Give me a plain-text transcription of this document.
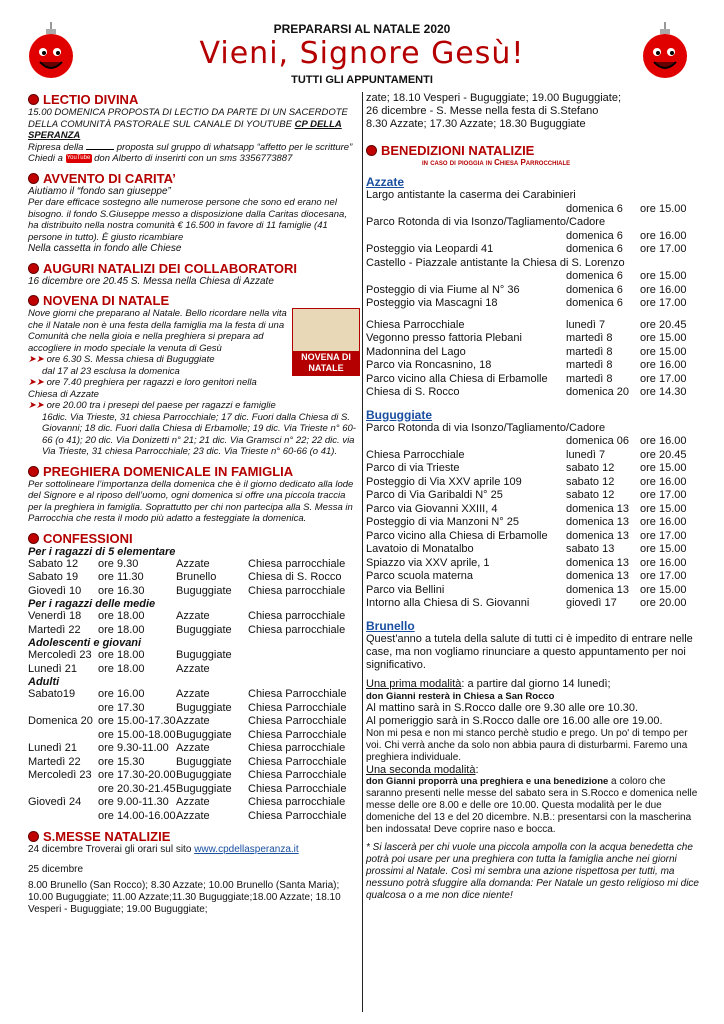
PREPARARSI AL NATALE 2020
Vieni, Signore Gesù!
TUTTI GLI APPUNTAMENTI
LECTIO DIVINA
15.00 DOMENICA PROPOSTA DI LECTIO DA PARTE DI UN SACERDOTE DELLA COMUNITÀ PASTORALE SUL CANALE DI YOUTUBE CP DELLA SPERANZA
Ripresa della	proposta sul gruppo di whatsapp “affetto per le scritture” Chiedi a YouTube don Alberto di inserirti con un sms 3356773887
AVVENTO DI CARITA’
Aiutiamo il “fondo san giuseppe”
Per dare efficace sostegno alle numerose persone che sono ed erano nel bisogno. il fondo S.Giuseppe messo a disposizione dalla Caritas diocesana, ha distribuito nella nostra comunità € 16.500 in favore di 11 famiglie (41 persone in tutto). È giusto ricambiare
Nella cassetta in fondo alle Chiese
AUGURI NATALIZI DEI COLLABORATORI
16 dicembre ore 20.45 S. Messa nella Chiesa di Azzate
NOVENA DI NATALE
NOVENA DI NATALE
Nove giorni che preparano al Natale. Bello ricordare nella vita che il Natale non è una festa della famiglia ma la festa di una Comunità che nella gioia e nella preghiera si prepara ad accogliere in modo speciale la venuta di Gesù
➤➤ ore 6.30 S. Messa chiesa di Buguggiate
dal 17 al 23 esclusa la domenica
➤➤ ore 7.40 preghiera per ragazzi e loro genitori nella Chiesa di Azzate
➤➤ ore 20.00 tra i presepi del paese per ragazzi e famiglie
16dic. Via Trieste, 31 chiesa Parrocchiale; 17 dic. Fuori dalla Chiesa di S. Giovanni; 18 dic. Fuori dalla Chiesa di Erbamolle; 19 dic. Via Trieste n° 60-66 (o 41); 20 dic. Via Donizetti n° 21; 21 dic. Via Gramsci n° 22; 22 dic. via Via Trieste, 31 chiesa Parrocchiale; 23 dic. Via Trieste n° 60-66 (o 41).
PREGHIERA DOMENICALE IN FAMIGLIA
Per sottolineare l’importanza della domenica che è il giorno dedicato alla lode del Signore e al riposo dell’uomo, ogni domenica si offre una piccola traccia per la preghiera in famiglia. Soprattutto per chi non partecipa alla S. Messa in Parrocchia che resta il modo più adatto a festeggiate la domenica.
CONFESSIONI
Per i ragazzi di 5 elementare
Sabato 12	ore 9.30	Azzate	Chiesa parrocchiale
Sabato 19	ore 11.30	Brunello	Chiesa di S. Rocco
Giovedì 10	ore 16.30	Buguggiate	Chiesa parrocchiale
Per i ragazzi delle medie
Venerdì 18	ore 18.00	Azzate	Chiesa parrocchiale
Martedì 22	ore 18.00	Buguggiate	Chiesa parrocchiale
Adolescenti e giovani
Mercoledì 23 ore 18.00	Buguggiate
Lunedì 21	ore 18.00	Azzate
Adulti
Sabato19	ore 16.00	Azzate	Chiesa Parrocchiale
ore 17.30	Buguggiate	Chiesa Parrocchiale
Domenica 20 ore 15.00-17.30 Azzate	Chiesa Parrocchiale
ore 15.00-18.00 Buguggiate	Chiesa Parrocchiale
Lunedì 21	ore 9.30-11.00 Azzate	Chiesa parrocchiale
Martedì 22	ore 15.30	Buguggiate	Chiesa Parrocchiale
Mercoledì 23 ore 17.30-20.00 Buguggiate	Chiesa Parrocchiale
ore 20.30-21.45 Buguggiate	Chiesa Parrocchiale
Giovedì 24	ore 9.00-11.30 Azzate	Chiesa parrocchiale
ore 14.00-16.00 Azzate	Chiesa Parrocchiale
S.MESSE NATALIZIE
24 dicembre Troverai gli orari sul sito www.cpdellasperanza.it
25 dicembre
8.00 Brunello (San Rocco); 8.30 Azzate; 10.00 Brunello (Santa Maria); 10.00 Buguggiate; 11.00 Azzate;11.30 Buguggiate;18.00 Azzate; 18.10 Vesperi - Buguggiate; 19.00 Buguggiate;
zate; 18.10 Vesperi - Buguggiate; 19.00 Buguggiate;
26 dicembre - S. Messe nella festa di S.Stefano
8.30 Azzate; 17.30 Azzate; 18.30 Buguggiate
BENEDIZIONI NATALIZIE
in caso di pioggia in Chiesa Parrocchiale
Azzate
Largo antistante la caserma dei Carabinieri
domenica 6	ore 15.00
Parco Rotonda di via Isonzo/Tagliamento/Cadore
domenica 6	ore 16.00
Posteggio via Leopardi 41	domenica 6	ore 17.00
Castello - Piazzale antistante la Chiesa di S. Lorenzo
domenica 6	ore 15.00
Posteggio di via Fiume al N° 36	domenica 6	ore 16.00
Posteggio via Mascagni 18	domenica 6	ore 17.00
Chiesa Parrocchiale	lunedì 7	ore 20.45
Vegonno presso fattoria Plebani	martedì 8	ore 15.00
Madonnina del Lago	martedì 8	ore 15.00
Parco via Roncasnino, 18	martedì 8	ore 16.00
Parco vicino alla Chiesa di Erbamolle	martedì 8	ore 17.00
Chiesa di S. Rocco	domenica 20	ore 14.30
Buguggiate
Parco Rotonda di via Isonzo/Tagliamento/Cadore
domenica 06	ore 16.00
Chiesa Parrocchiale	lunedì 7	ore 20.45
Parco di via Trieste	sabato 12	ore 15.00
Posteggio di Via XXV aprile 109	sabato 12	ore 16.00
Parco di Via Garibaldi N° 25	sabato 12	ore 17.00
Parco via Giovanni XXIII, 4	domenica 13	ore 15.00
Posteggio di via Manzoni N° 25	domenica 13	ore 16.00
Parco vicino alla Chiesa di Erbamolle	domenica 13	ore 17.00
Lavatoio di Monatalbo	sabato 13	ore 15.00
Spiazzo via XXV aprile, 1	domenica 13	ore 16.00
Parco scuola materna	domenica 13	ore 17.00
Parco via Bellini	domenica 13	ore 15.00
Intorno alla Chiesa di S. Giovanni	giovedì 17	ore 20.00
Brunello
Quest'anno a tutela della salute di tutti ci è impedito di entrare nelle case, ma non vogliamo rinunciare a questo appuntamento per noi significativo.
Una prima modalità: a partire dal giorno 14 lunedì;
don Gianni resterà in Chiesa a San Rocco
Al mattino sarà in S.Rocco dalle ore 9.30 alle ore 10.30.
Al pomeriggio sarà in S.Rocco dalle ore 16.00 alle ore 19.00.
Non mi pesa e non mi stanco perchè studio e prego. Un po' di tempo per voi. Chi verrà anche da solo non abbia paura di disturbarmi. Faremo una preghiera individuale.
Una seconda modalità:
don Gianni proporrà una preghiera e una benedizione a coloro che saranno presenti nelle messe del sabato sera in S.Rocco e domenica nelle messe delle ore 8.00 e delle ore 10.00. Questa modalità per le due domeniche del 13 e del 20 dicembre. N.B.: presentarsi con la mascherina ben indossata! Deve coprire naso e bocca.
* Si lascerà per chi vuole una piccola ampolla con la acqua benedetta che potrà poi usare per una preghiera con tutta la famiglia anche nei giorni prossimi al Natale. Così mi sembra una azione rispettosa per tutti, ma nessuno potrà sfuggire alla domanda: Per Natale un gesto religioso mi dice qualcosa o a me non dice niente!
